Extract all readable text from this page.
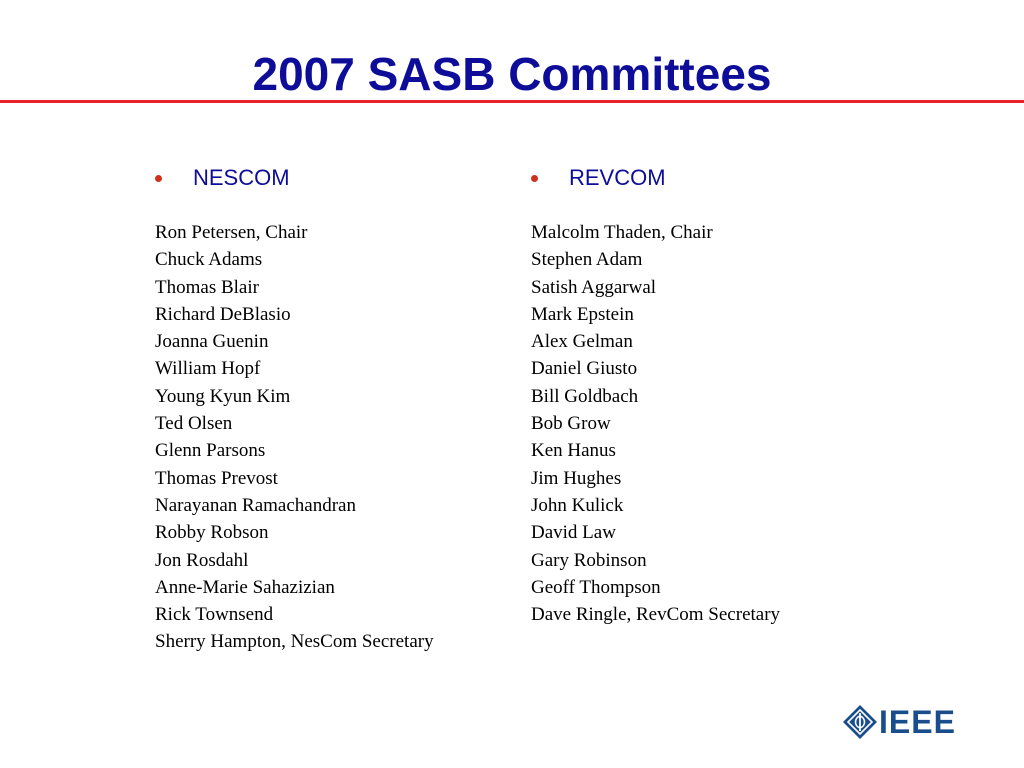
2007 SASB Committees
NESCOM
Ron Petersen, Chair
Chuck Adams
Thomas Blair
Richard DeBlasio
Joanna Guenin
William Hopf
Young Kyun Kim
Ted Olsen
Glenn Parsons
Thomas Prevost
Narayanan Ramachandran
Robby Robson
Jon Rosdahl
Anne-Marie Sahazizian
Rick Townsend
Sherry Hampton, NesCom Secretary
REVCOM
Malcolm Thaden, Chair
Stephen Adam
Satish Aggarwal
Mark Epstein
Alex Gelman
Daniel Giusto
Bill Goldbach
Bob Grow
Ken Hanus
Jim Hughes
John Kulick
David Law
Gary Robinson
Geoff Thompson
Dave Ringle, RevCom Secretary
IEEE
